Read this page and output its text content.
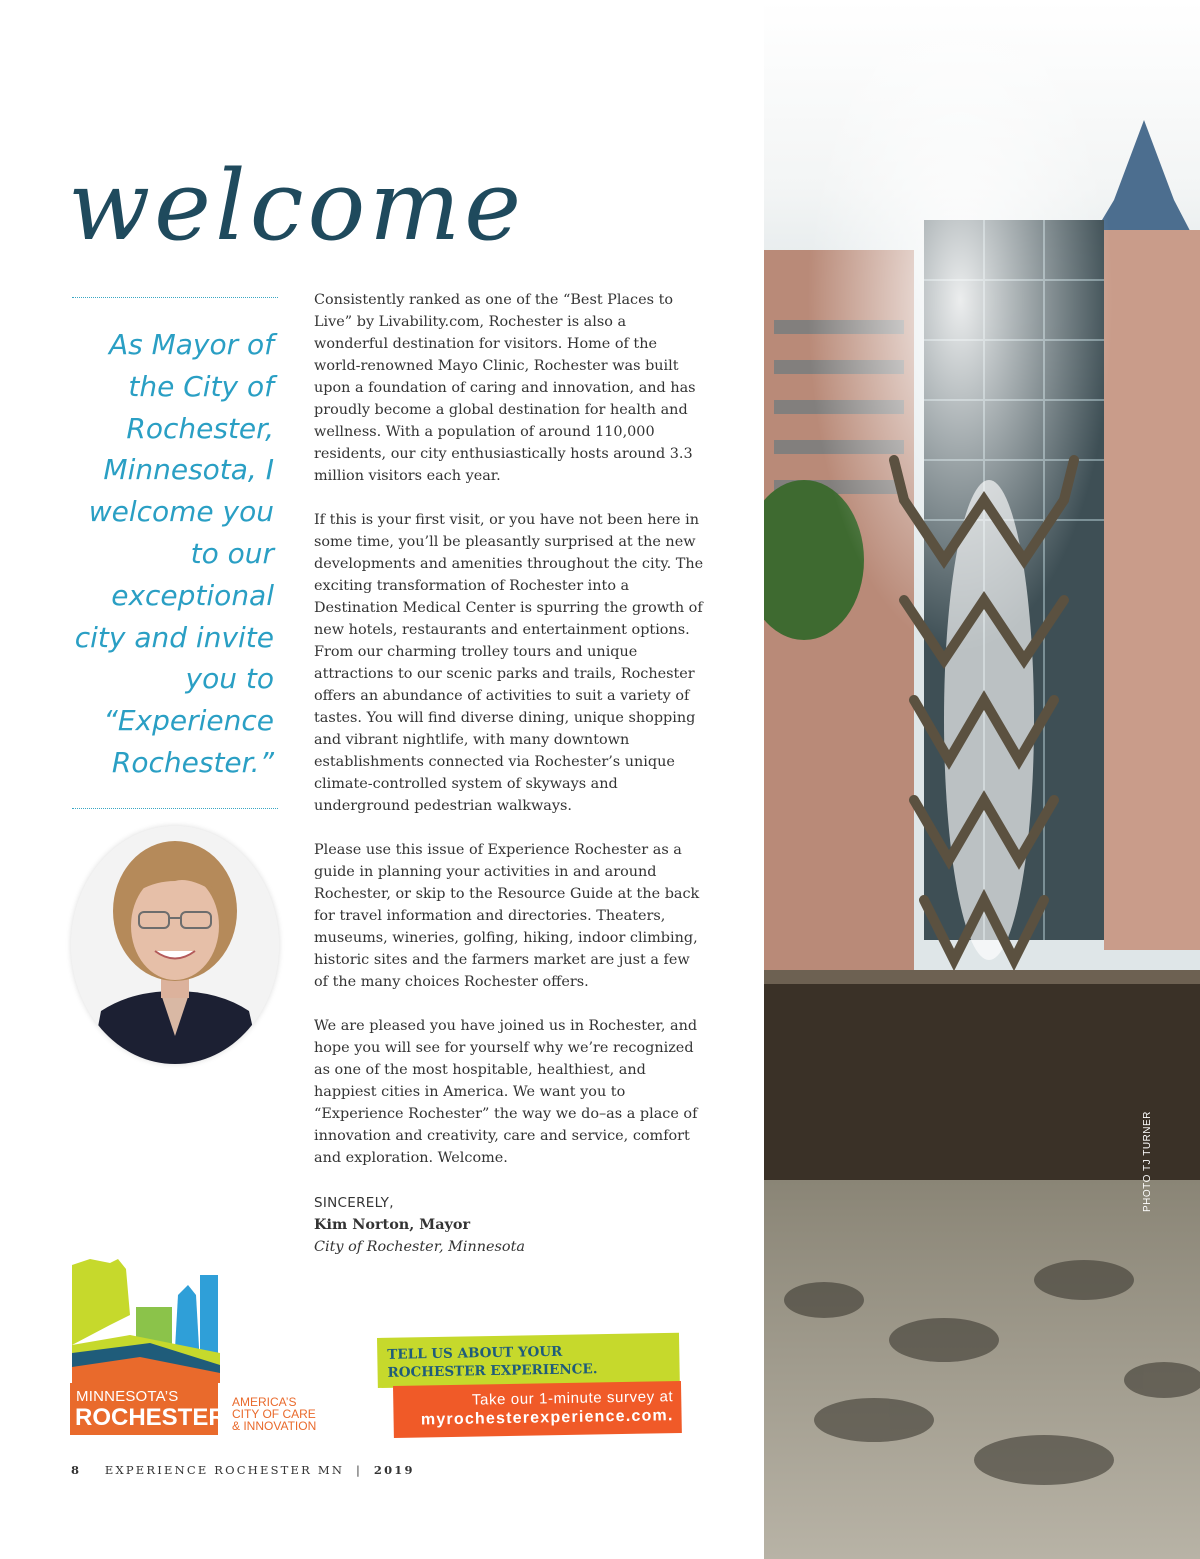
PHOTO TJ TURNER
welcome
As Mayor of the City of Rochester, Minnesota, I welcome you to our exceptional city and invite you to “Experience Rochester.”

Consistently ranked as one of the “Best Places to Live” by Livability.com, Rochester is also a wonderful destination for visitors. Home of the world-renowned Mayo Clinic, Rochester was built upon a foundation of caring and innovation, and has proudly become a global destination for health and wellness. With a population of around 110,000 residents, our city enthusiastically hosts around 3.3 million visitors each year.

If this is your first visit, or you have not been here in some time, you’ll be pleasantly surprised at the new developments and amenities throughout the city. The exciting transformation of Rochester into a Destination Medical Center is spurring the growth of new hotels, restaurants and entertainment options. From our charming trolley tours and unique attractions to our scenic parks and trails, Rochester offers an abundance of activities to suit a variety of tastes. You will find diverse dining, unique shopping and vibrant nightlife, with many downtown establishments connected via Rochester’s unique climate-controlled system of skyways and underground pedestrian walkways.

Please use this issue of Experience Rochester as a guide in planning your activities in and around Rochester, or skip to the Resource Guide at the back for travel information and directories. Theaters, museums, wineries, golfing, hiking, indoor climbing, historic sites and the farmers market are just a few of the many choices Rochester offers.

We are pleased you have joined us in Rochester, and hope you will see for yourself why we’re recognized as one of the most hospitable, healthiest, and happiest cities in America. We want you to “Experience Rochester” the way we do–as a place of innovation and creativity, care and service, comfort and exploration. Welcome.

SINCERELY,
Kim Norton, Mayor
City of Rochester, Minnesota
MINNESOTA’S
ROCHESTER
AMERICA’S
CITY OF CARE
& INNOVATION
TELL US ABOUT YOUR
ROCHESTER EXPERIENCE.
Take our 1-minute survey at
myrochesterexperience.com.
8 EXPERIENCE ROCHESTER MN | 2019
